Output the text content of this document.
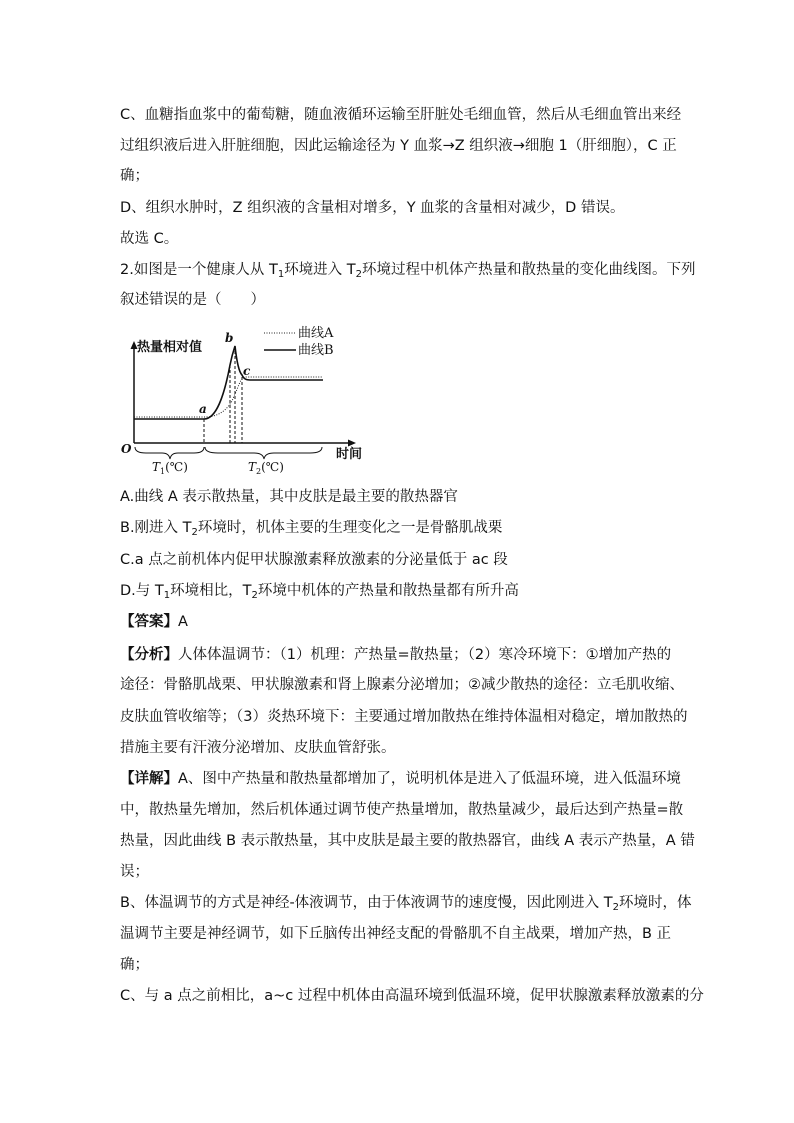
C、血糖指血浆中的葡萄糖，随血液循环运输至肝脏处毛细血管，然后从毛细血管出来经
过组织液后进入肝脏细胞，因此运输途径为 Y 血浆→Z 组织液→细胞 1（肝细胞），C 正
确；
D、组织水肿时，Z 组织液的含量相对增多，Y 血浆的含量相对减少，D 错误。
故选 C。
2.如图是一个健康人从 $T_1$环境进入 $T_2$环境过程中机体产热量和散热量的变化曲线图。下列
叙述错误的是（　　）
热量相对值
时间
O
曲线A
曲线B
a
b
c
$T_1(℃)$	$T_2(℃)$
A.曲线 A 表示散热量，其中皮肤是最主要的散热器官
B.刚进入 $T_2$环境时，机体主要的生理变化之一是骨骼肌战栗
C.a 点之前机体内促甲状腺激素释放激素的分泌量低于 ac 段
D.与 $T_1$环境相比，$T_2$环境中机体的产热量和散热量都有所升高
【答案】A
【分析】人体体温调节：（1）机理：产热量=散热量；（2）寒冷环境下：①增加产热的
途径：骨骼肌战栗、甲状腺激素和肾上腺素分泌增加；②减少散热的途径：立毛肌收缩、
皮肤血管收缩等；（3）炎热环境下：主要通过增加散热在维持体温相对稳定，增加散热的
措施主要有汗液分泌增加、皮肤血管舒张。
【详解】A、图中产热量和散热量都增加了，说明机体是进入了低温环境，进入低温环境
中，散热量先增加，然后机体通过调节使产热量增加，散热量减少，最后达到产热量=散
热量，因此曲线 B 表示散热量，其中皮肤是最主要的散热器官，曲线 A 表示产热量，A 错
误；
B、体温调节的方式是神经-体液调节，由于体液调节的速度慢，因此刚进入 $T_2$环境时，体
温调节主要是神经调节，如下丘脑传出神经支配的骨骼肌不自主战栗，增加产热，B 正
确；
C、与 a 点之前相比，a~c 过程中机体由高温环境到低温环境，促甲状腺激素释放激素的分
